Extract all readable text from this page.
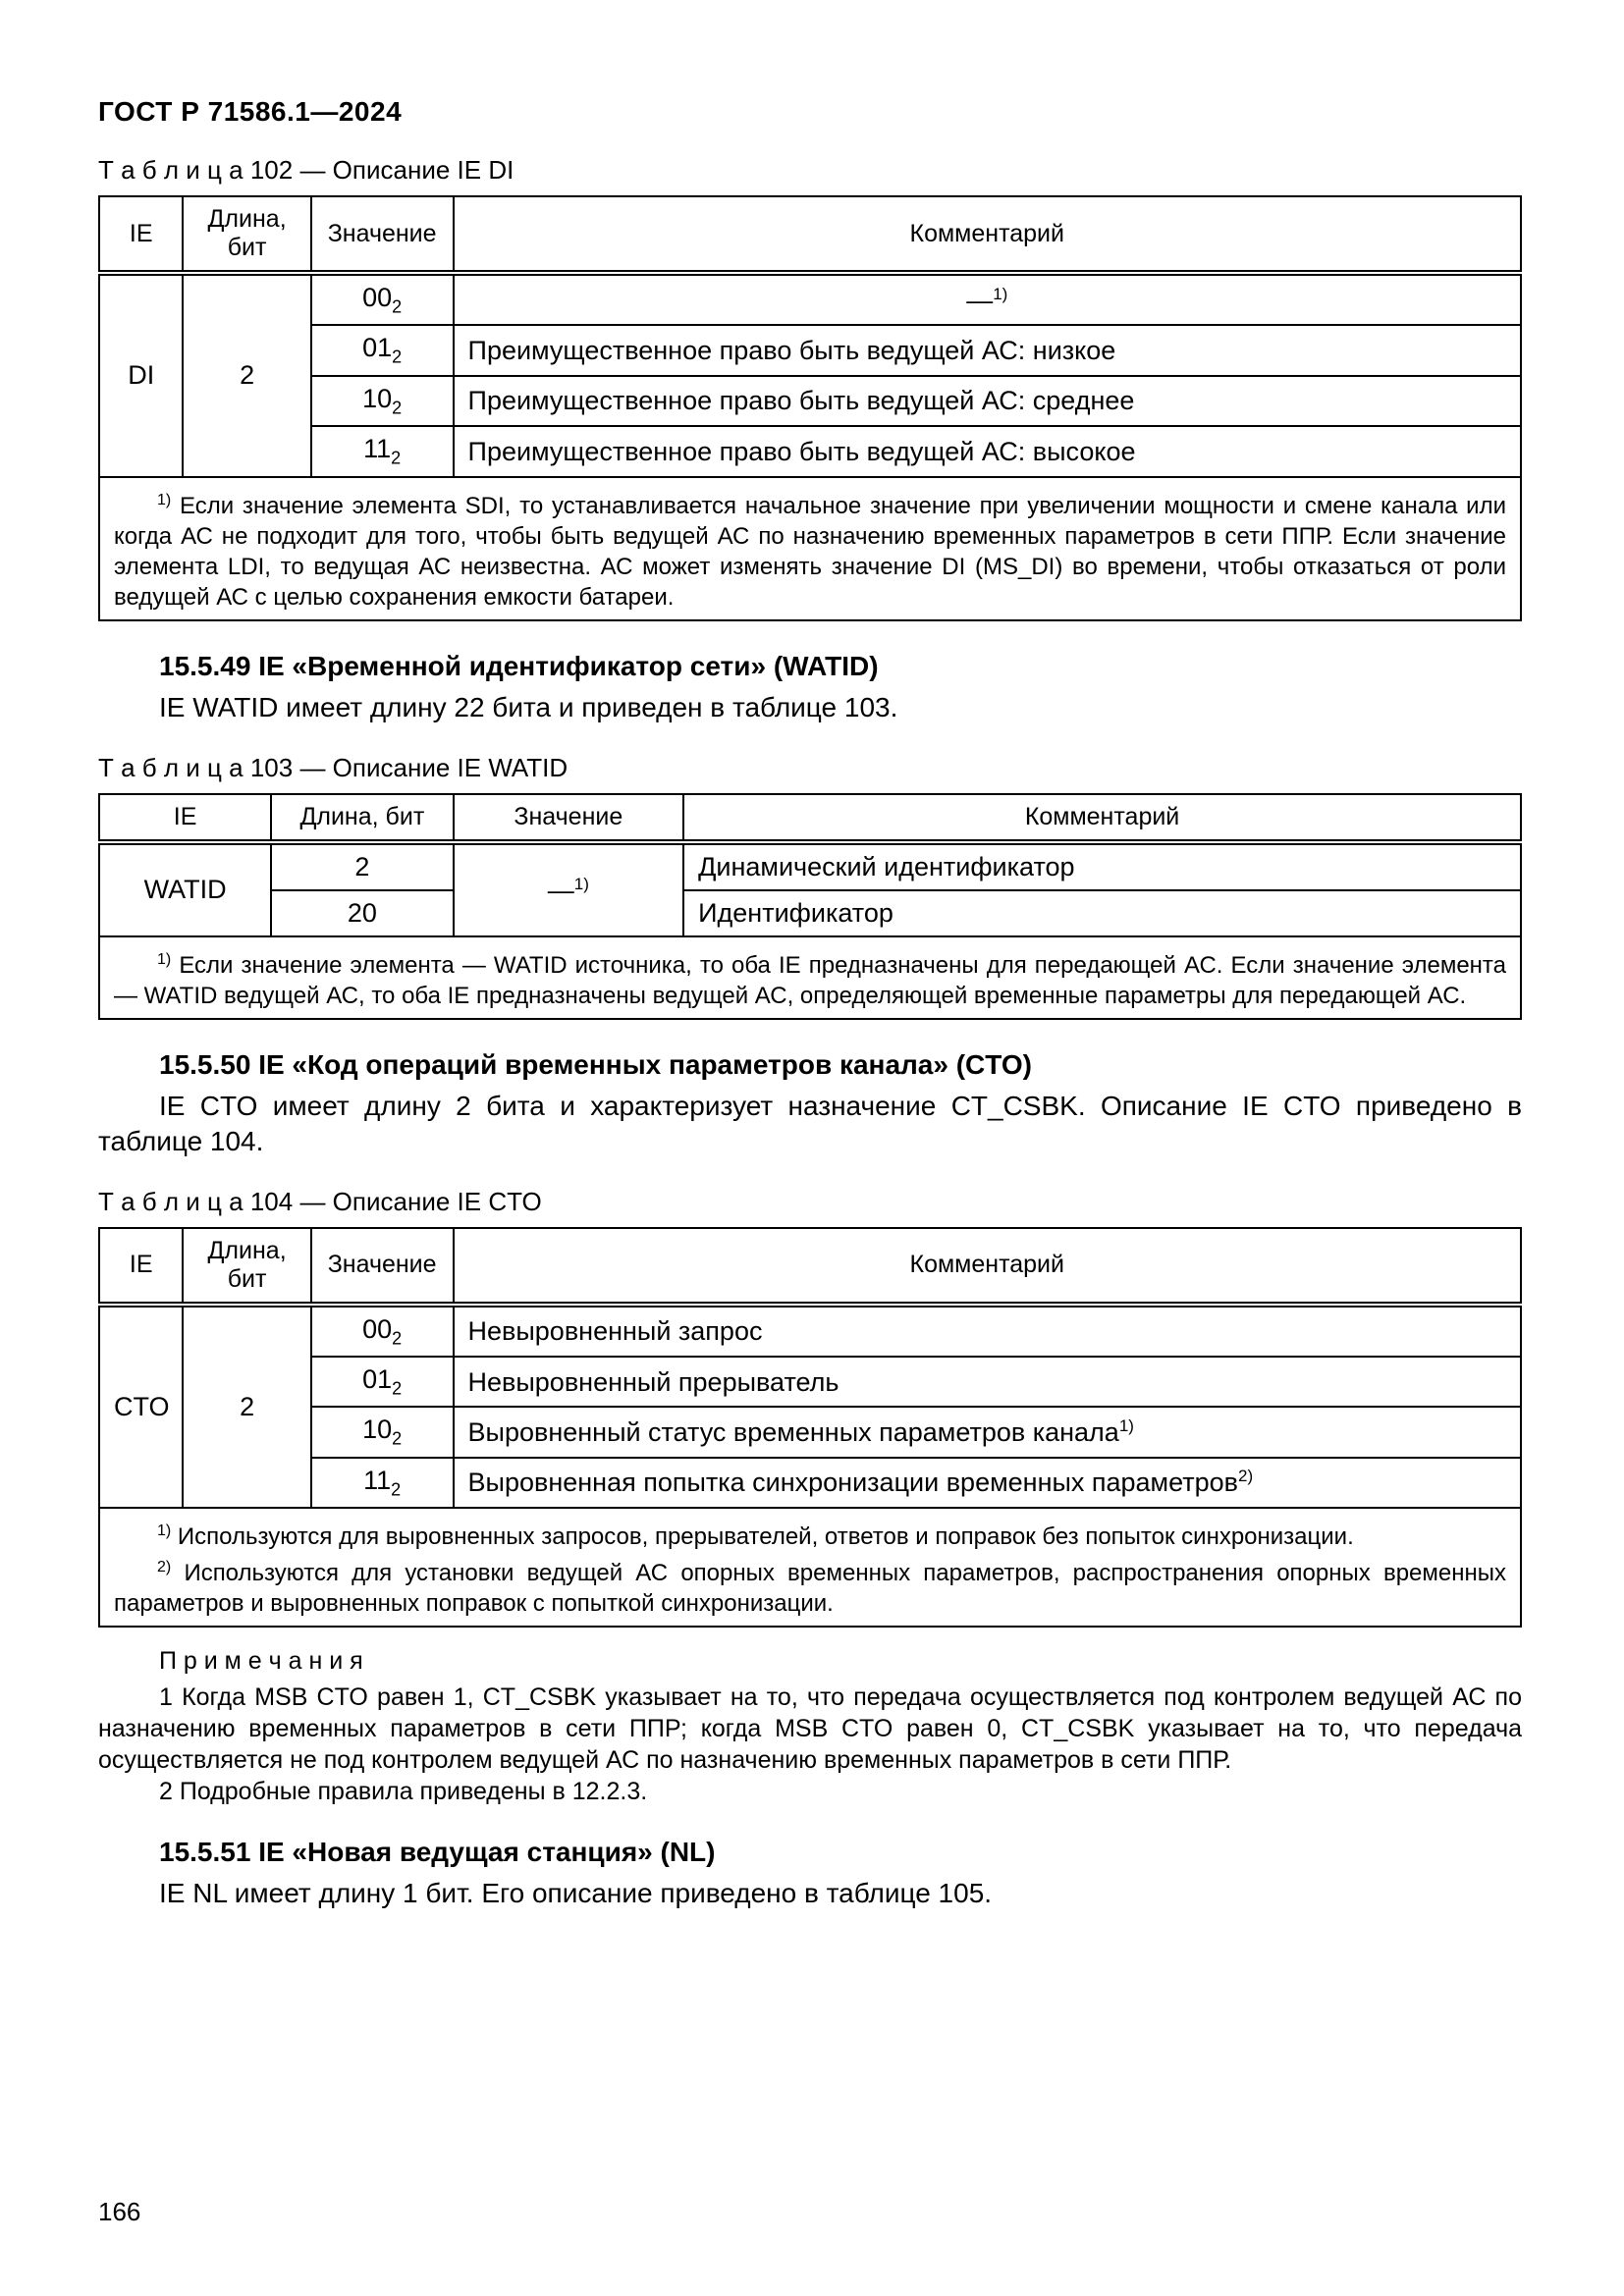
ГОСТ Р 71586.1—2024

Т а б л и ц а 102 — Описание IE DI

IE	Длина, бит	Значение	Комментарий
DI	2	$00_2$	—$^{1)}$
		$01_2$	Преимущественное право быть ведущей АС: низкое
		$10_2$	Преимущественное право быть ведущей АС: среднее
		$11_2$	Преимущественное право быть ведущей АС: высокое

$^{1)}$ Если значение элемента SDI, то устанавливается начальное значение при увеличении мощности и смене канала или когда АС не подходит для того, чтобы быть ведущей АС по назначению временных параметров в сети ППР. Если значение элемента LDI, то ведущая АС неизвестна. АС может изменять значение DI (MS_DI) во времени, чтобы отказаться от роли ведущей АС с целью сохранения емкости батареи.			

15.5.49 IE «Временной идентификатор сети» (WATID)

IE WATID имеет длину 22 бита и приведен в таблице 103.

Т а б л и ц а 103 — Описание IE WATID

IE	Длина, бит	Значение	Комментарий
WATID	2	—$^{1)}$	Динамический идентификатор
	20		Идентификатор

$^{1)}$ Если значение элемента — WATID источника, то оба IE предназначены для передающей АС. Если значение элемента — WATID ведущей АС, то оба IE предназначены ведущей АС, определяющей временные параметры для передающей АС.			

15.5.50 IE «Код операций временных параметров канала» (CTO)

IE CTO имеет длину 2 бита и характеризует назначение CT_CSBK. Описание IE CTO приведено в таблице 104.

Т а б л и ц а 104 — Описание IE CTO

IE	Длина, бит	Значение	Комментарий
CTO	2	$00_2$	Невыровненный запрос
		$01_2$	Невыровненный прерыватель
		$10_2$	Выровненный статус временных параметров канала$^{1)}$
		$11_2$	Выровненная попытка синхронизации временных параметров$^{2)}$

$^{1)}$ Используются для выровненных запросов, прерывателей, ответов и поправок без попыток синхронизации.

$^{2)}$ Используются для установки ведущей АС опорных временных параметров, распространения опорных временных параметров и выровненных поправок с попыткой синхронизации.			

П р и м е ч а н и я

1 Когда MSB CTO равен 1, CT_CSBK указывает на то, что передача осуществляется под контролем ведущей АС по назначению временных параметров в сети ППР; когда MSB CTO равен 0, CT_CSBK указывает на то, что передача осуществляется не под контролем ведущей АС по назначению временных параметров в сети ППР.

2 Подробные правила приведены в 12.2.3.

15.5.51 IE «Новая ведущая станция» (NL)

IE NL имеет длину 1 бит. Его описание приведено в таблице 105.

166
